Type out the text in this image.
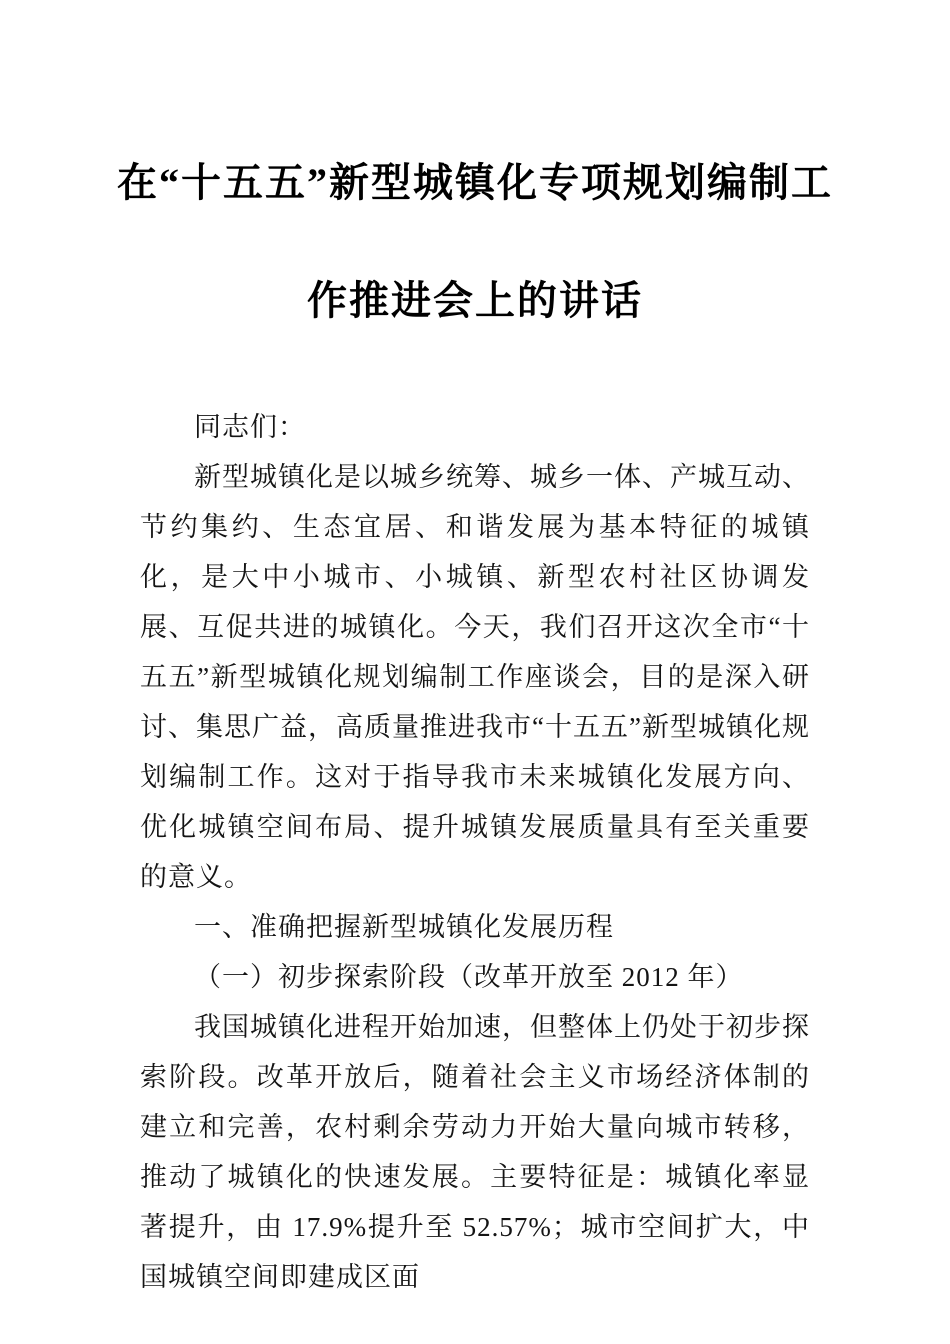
在“十五五”新型城镇化专项规划编制工
作推进会上的讲话

同志们：

新型城镇化是以城乡统筹、城乡一体、产城互动、节约集约、生态宜居、和谐发展为基本特征的城镇化，是大中小城市、小城镇、新型农村社区协调发展、互促共进的城镇化。今天，我们召开这次全市“十五五”新型城镇化规划编制工作座谈会，目的是深入研讨、集思广益，高质量推进我市“十五五”新型城镇化规划编制工作。这对于指导我市未来城镇化发展方向、优化城镇空间布局、提升城镇发展质量具有至关重要的意义。

一、准确把握新型城镇化发展历程

（一）初步探索阶段（改革开放至 2012 年）

我国城镇化进程开始加速，但整体上仍处于初步探索阶段。改革开放后，随着社会主义市场经济体制的建立和完善，农村剩余劳动力开始大量向城市转移，推动了城镇化的快速发展。主要特征是：城镇化率显著提升，由 17.9%提升至 52.57%；城市空间扩大，中国城镇空间即建成区面
